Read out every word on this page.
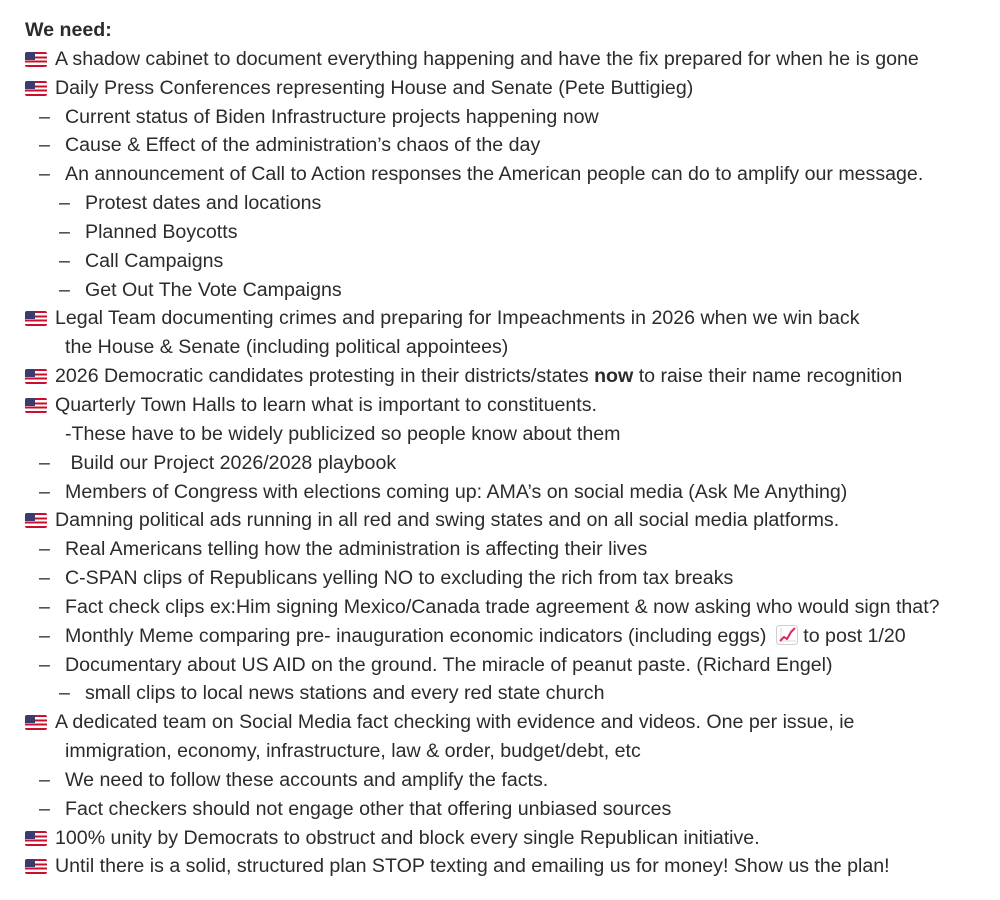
We need:
A shadow cabinet to document everything happening and have the fix prepared for when he is gone
Daily Press Conferences representing House and Senate (Pete Buttigieg)
– Current status of Biden Infrastructure projects happening now
– Cause & Effect of the administration’s chaos of the day
– An announcement of Call to Action responses the American people can do to amplify our message.
– Protest dates and locations
– Planned Boycotts
– Call Campaigns
– Get Out The Vote Campaigns
Legal Team documenting crimes and preparing for Impeachments in 2026 when we win back
the House & Senate (including political appointees)
2026 Democratic candidates protesting in their districts/states now to raise their name recognition
Quarterly Town Halls to learn what is important to constituents.
-These have to be widely publicized so people know about them
– Build our Project 2026/2028 playbook
– Members of Congress with elections coming up: AMA’s on social media (Ask Me Anything)
Damning political ads running in all red and swing states and on all social media platforms.
– Real Americans telling how the administration is affecting their lives
– C-SPAN clips of Republicans yelling NO to excluding the rich from tax breaks
– Fact check clips ex:Him signing Mexico/Canada trade agreement & now asking who would sign that?
– Monthly Meme comparing pre- inauguration economic indicators (including eggs)  to post 1/20
– Documentary about US AID on the ground. The miracle of peanut paste. (Richard Engel)
– small clips to local news stations and every red state church
A dedicated team on Social Media fact checking with evidence and videos. One per issue, ie
immigration, economy, infrastructure, law & order, budget/debt, etc
– We need to follow these accounts and amplify the facts.
– Fact checkers should not engage other that offering unbiased sources
100% unity by Democrats to obstruct and block every single Republican initiative.
Until there is a solid, structured plan STOP texting and emailing us for money! Show us the plan!
